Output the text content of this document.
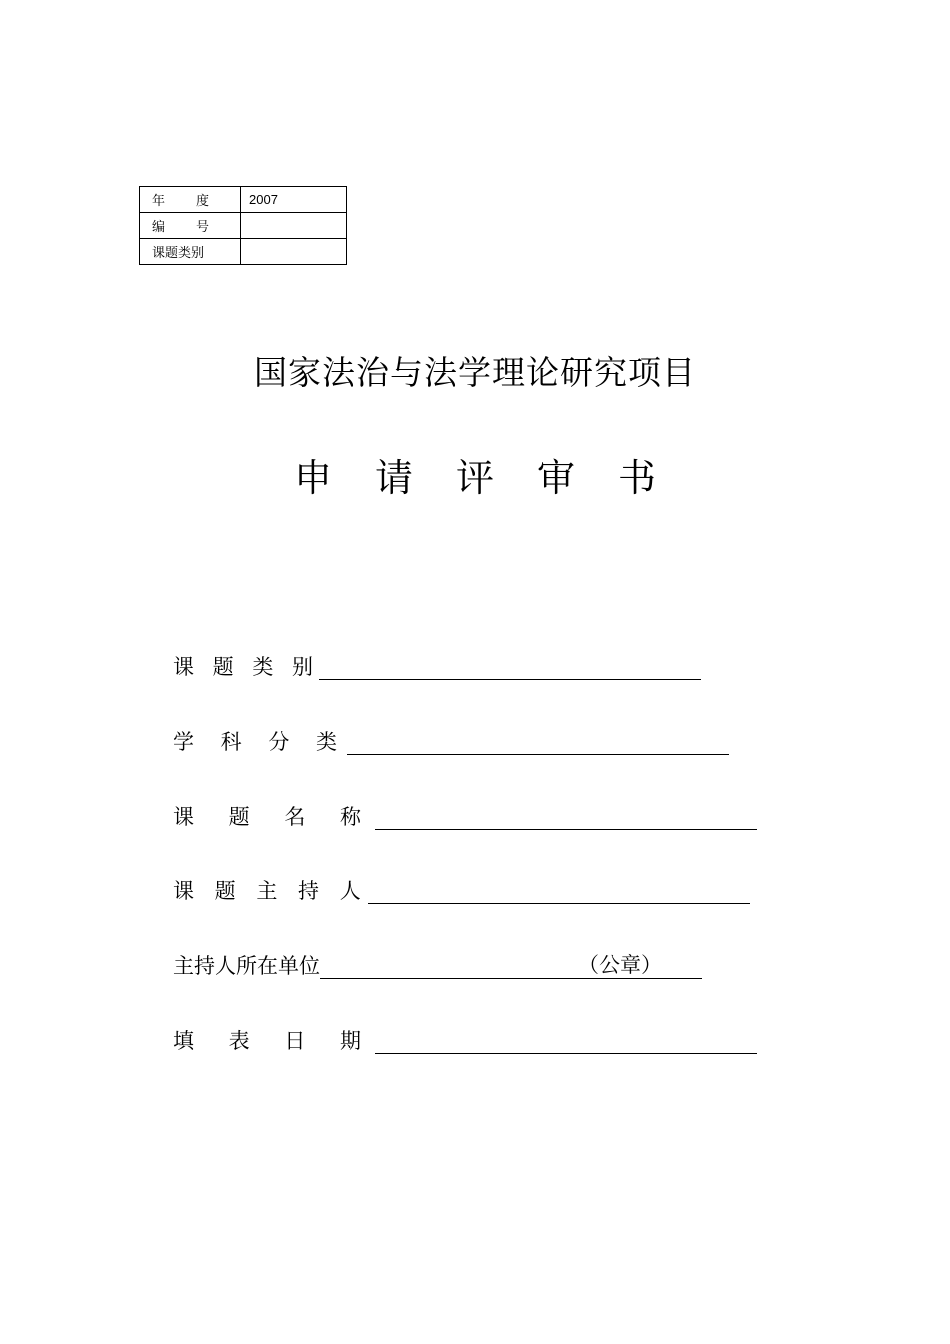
年度	2007
编号	
课题类别	
国家法治与法学理论研究项目
申请评审书
课 题 类 别
学 科 分 类
课 题 名 称
课 题 主 持 人
主持人所在单位	（公章）
填 表 日 期
